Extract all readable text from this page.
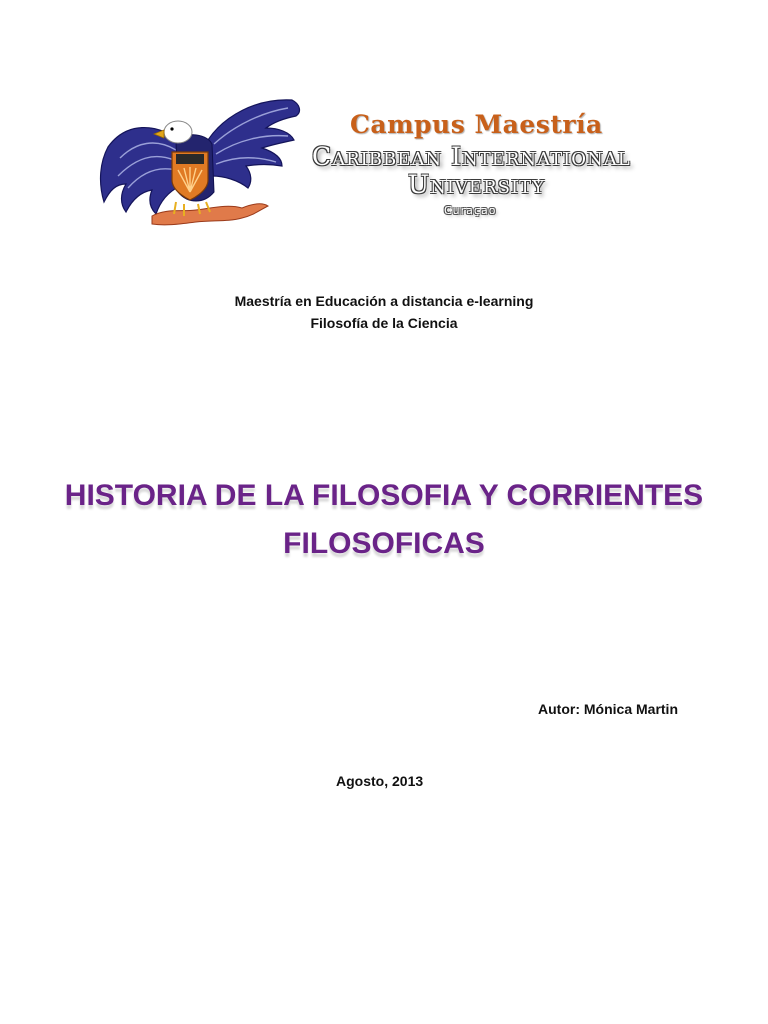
Campus Maestría
Caribbean International
University
Curaçao
Maestría en Educación a distancia e-learning
Filosofía de la Ciencia
HISTORIA DE LA FILOSOFIA Y CORRIENTES
FILOSOFICAS
Autor: Mónica Martin
Agosto, 2013
